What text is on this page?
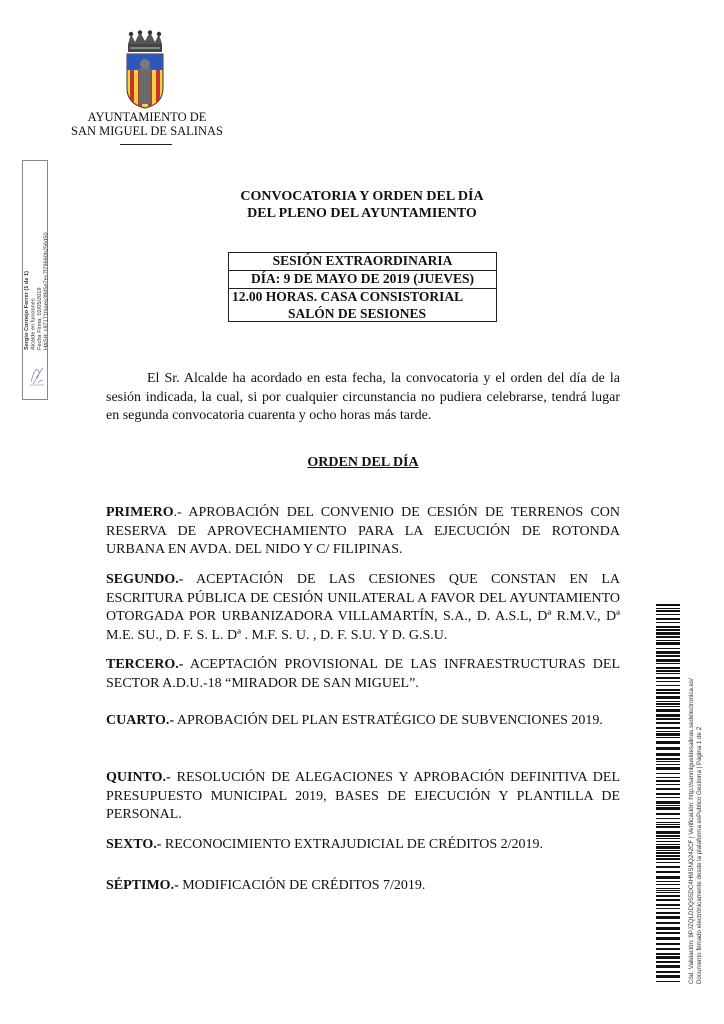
AYUNTAMIENTO DE
SAN MIGUEL DE SALINAS
Sergio Cornejo Ferrer (1 de 1) Alcalde en funciones Fecha Firma: 02/05/2019 HASH: c87171f4aea3f6f5e7ec7f79660b256d50
CONVOCATORIA Y ORDEN DEL DÍA
DEL PLENO DEL AYUNTAMIENTO
SESIÓN EXTRAORDINARIA
DÍA: 9 DE MAYO DE 2019 (JUEVES)
12.00 HORAS. CASA CONSISTORIAL
SALÓN DE SESIONES
El Sr. Alcalde ha acordado en esta fecha, la convocatoria y el orden del día de la sesión indicada, la cual, si por cualquier circunstancia no pudiera celebrarse, tendrá lugar en segunda convocatoria cuarenta y ocho horas más tarde.
ORDEN DEL DÍA
PRIMERO.- APROBACIÓN DEL CONVENIO DE CESIÓN DE TERRENOS CON RESERVA DE APROVECHAMIENTO PARA LA EJECUCIÓN DE ROTONDA URBANA EN AVDA. DEL NIDO Y C/ FILIPINAS.
SEGUNDO.- ACEPTACIÓN DE LAS CESIONES QUE CONSTAN EN LA ESCRITURA PÚBLICA DE CESIÓN UNILATERAL A FAVOR DEL AYUNTAMIENTO OTORGADA POR URBANIZADORA VILLAMARTÍN, S.A., D. A.S.L, Dª R.M.V., Dª M.E. SU., D. F. S. L. Dª . M.F. S. U. , D. F. S.U. Y D. G.S.U.
TERCERO.- ACEPTACIÓN PROVISIONAL DE LAS INFRAESTRUCTURAS DEL SECTOR A.D.U.-18 “MIRADOR DE SAN MIGUEL”.
CUARTO.- APROBACIÓN DEL PLAN ESTRATÉGICO DE SUBVENCIONES 2019.
QUINTO.- RESOLUCIÓN DE ALEGACIONES Y APROBACIÓN DEFINITIVA DEL PRESUPUESTO MUNICIPAL 2019, BASES DE EJECUCIÓN Y PLANTILLA DE PERSONAL.
SEXTO.- RECONOCIMIENTO EXTRAJUDICIAL DE CRÉDITOS 2/2019.
SÉPTIMO.- MODIFICACIÓN DE CRÉDITOS 7/2019.	Cód. Validación: 9PJZQLDDQS5DC4HMSNQ242CF | Verificación: http://sanmigueldesalinas.sedelectronica.es/ Documento firmado electrónicamente desde la plataforma esPublico Gestiona | Página 1 de 2
